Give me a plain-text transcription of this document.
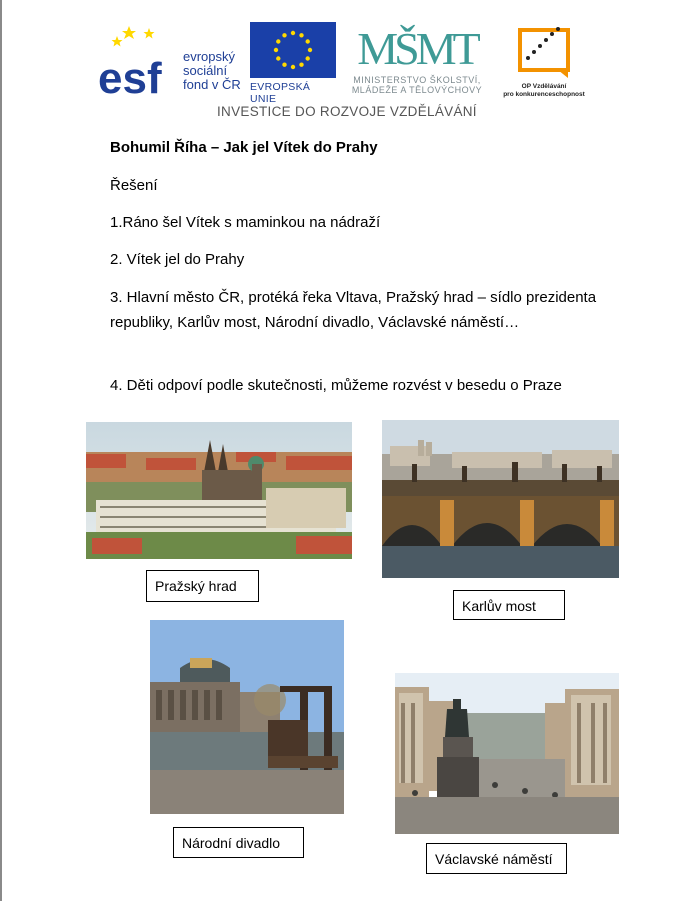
esf evropský
sociální
fond v ČR EVROPSKÁ UNIE
MŠMT
MINISTERSTVO ŠKOLSTVÍ,
MLÁDEŽE A TĚLOVÝCHOVY	OP Vzdělávání
pro konkurenceschopnost
INVESTICE DO ROZVOJE VZDĚLÁVÁNÍ
Bohumil Říha – Jak jel Vítek do Prahy
Řešení
1.Ráno šel Vítek s maminkou na nádraží
2. Vítek jel do Prahy
3. Hlavní město ČR, protéká řeka Vltava, Pražský hrad – sídlo prezidenta republiky, Karlův most, Národní divadlo, Václavské náměstí…
4. Děti odpoví podle skutečnosti, můžeme rozvést v besedu o Praze
Pražský hrad
Karlův most
Národní divadlo
Václavské náměstí
